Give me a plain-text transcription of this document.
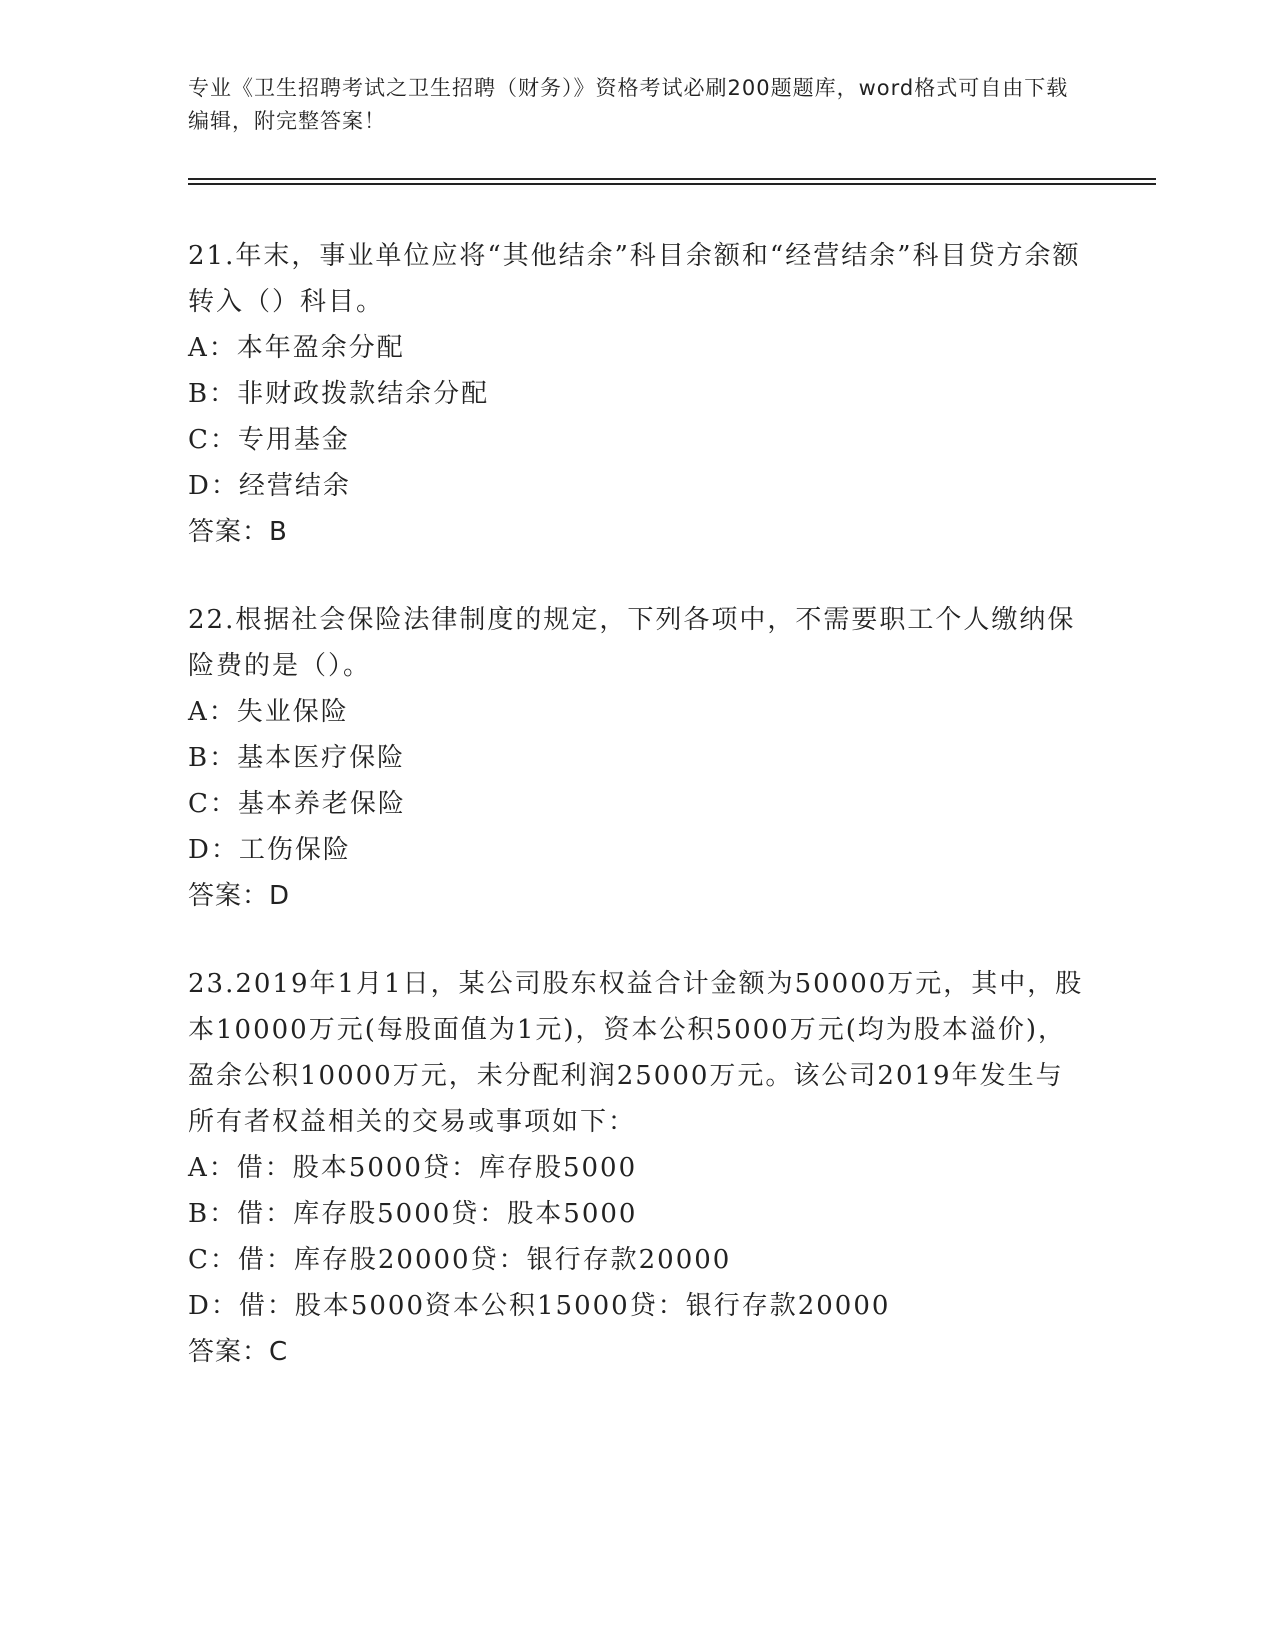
专业《卫生招聘考试之卫生招聘（财务）》资格考试必刷200题题库，word格式可自由下载编辑，附完整答案！

21.年末，事业单位应将“其他结余”科目余额和“经营结余”科目贷方余额转入（）科目。

A：本年盈余分配

B：非财政拨款结余分配

C：专用基金

D：经营结余

答案：B

22.根据社会保险法律制度的规定，下列各项中，不需要职工个人缴纳保险费的是（）。

A：失业保险

B：基本医疗保险

C：基本养老保险

D：工伤保险

答案：D

23.2019年1月1日，某公司股东权益合计金额为50000万元，其中，股本10000万元(每股面值为1元)，资本公积5000万元(均为股本溢价)，盈余公积10000万元，未分配利润25000万元。该公司2019年发生与所有者权益相关的交易或事项如下：

A：借：股本5000贷：库存股5000

B：借：库存股5000贷：股本5000

C：借：库存股20000贷：银行存款20000

D：借：股本5000资本公积15000贷：银行存款20000

答案：C
